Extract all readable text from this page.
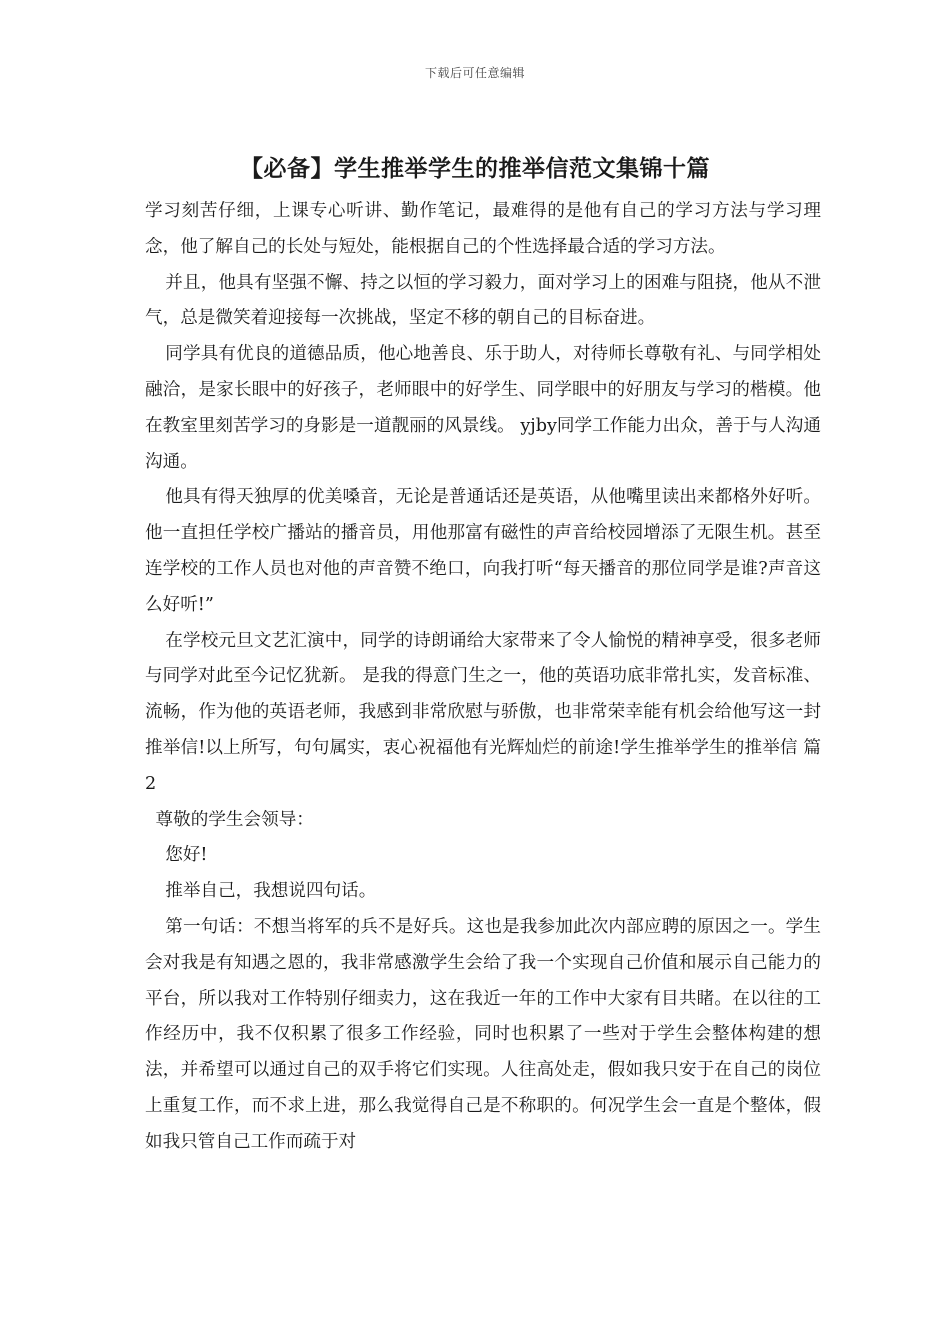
下载后可任意编辑
【必备】学生推举学生的推举信范文集锦十篇

学习刻苦仔细，上课专心听讲、勤作笔记，最难得的是他有自己的学习方法与学习理念，他了解自己的长处与短处，能根据自己的个性选择最合适的学习方法。

并且，他具有坚强不懈、持之以恒的学习毅力，面对学习上的困难与阻挠，他从不泄气，总是微笑着迎接每一次挑战，坚定不移的朝自己的目标奋进。

同学具有优良的道德品质，他心地善良、乐于助人，对待师长尊敬有礼、与同学相处融洽，是家长眼中的好孩子，老师眼中的好学生、同学眼中的好朋友与学习的楷模。他在教室里刻苦学习的身影是一道靓丽的风景线。 yjby同学工作能力出众，善于与人沟通沟通。

他具有得天独厚的优美嗓音，无论是普通话还是英语，从他嘴里读出来都格外好听。他一直担任学校广播站的播音员，用他那富有磁性的声音给校园增添了无限生机。甚至连学校的工作人员也对他的声音赞不绝口，向我打听“每天播音的那位同学是谁?声音这么好听!”

在学校元旦文艺汇演中，同学的诗朗诵给大家带来了令人愉悦的精神享受，很多老师与同学对此至今记忆犹新。 是我的得意门生之一，他的英语功底非常扎实，发音标准、流畅，作为他的英语老师，我感到非常欣慰与骄傲，也非常荣幸能有机会给他写这一封推举信!以上所写，句句属实，衷心祝福他有光辉灿烂的前途!学生推举学生的推举信 篇2

尊敬的学生会领导：

您好!

推举自己，我想说四句话。

第一句话：不想当将军的兵不是好兵。这也是我参加此次内部应聘的原因之一。学生会对我是有知遇之恩的，我非常感激学生会给了我一个实现自己价值和展示自己能力的平台，所以我对工作特别仔细卖力，这在我近一年的工作中大家有目共睹。在以往的工作经历中，我不仅积累了很多工作经验，同时也积累了一些对于学生会整体构建的想法，并希望可以通过自己的双手将它们实现。人往高处走，假如我只安于在自己的岗位上重复工作，而不求上进，那么我觉得自己是不称职的。何况学生会一直是个整体，假如我只管自己工作而疏于对
